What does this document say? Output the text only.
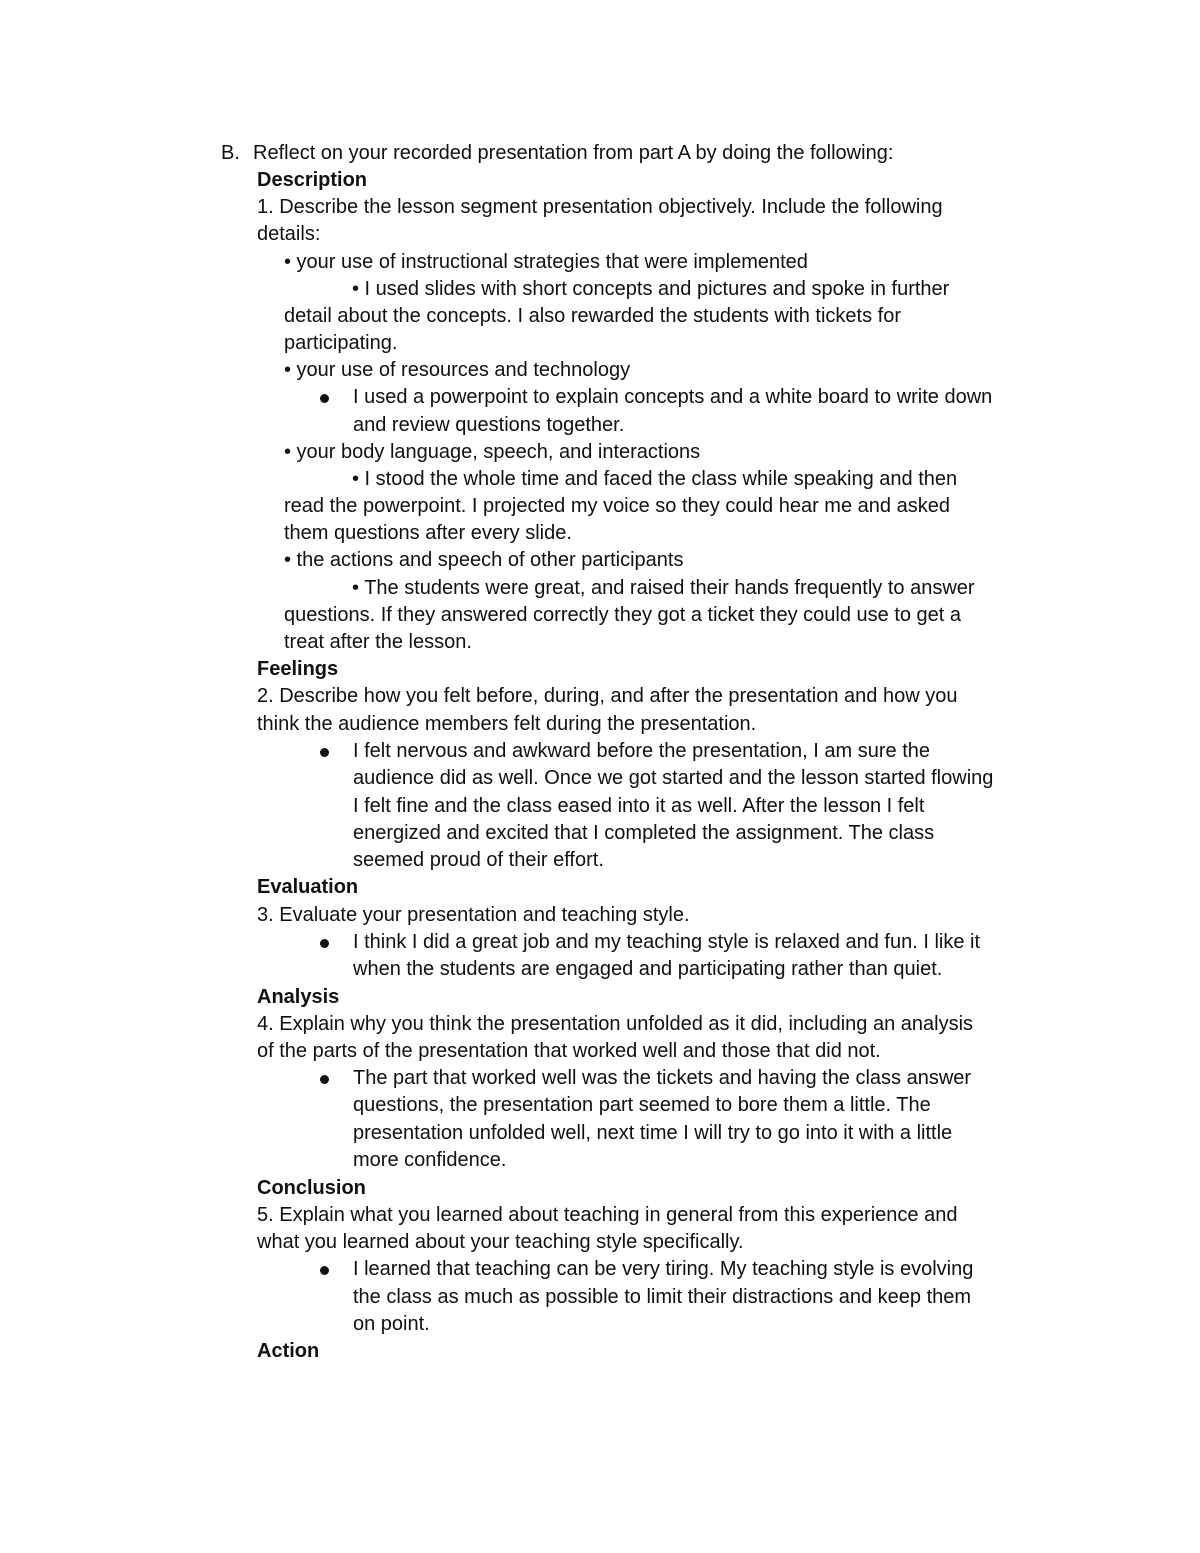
B. Reflect on your recorded presentation from part A by doing the following:
Description
1. Describe the lesson segment presentation objectively. Include the following
details:
• your use of instructional strategies that were implemented
• I used slides with short concepts and pictures and spoke in further
detail about the concepts. I also rewarded the students with tickets for
participating.
• your use of resources and technology
I used a powerpoint to explain concepts and a white board to write down
and review questions together.
• your body language, speech, and interactions
• I stood the whole time and faced the class while speaking and then
read the powerpoint. I projected my voice so they could hear me and asked
them questions after every slide.
• the actions and speech of other participants
• The students were great, and raised their hands frequently to answer
questions. If they answered correctly they got a ticket they could use to get a
treat after the lesson.
Feelings
2. Describe how you felt before, during, and after the presentation and how you
think the audience members felt during the presentation.
I felt nervous and awkward before the presentation, I am sure the
audience did as well. Once we got started and the lesson started flowing
I felt fine and the class eased into it as well. After the lesson I felt
energized and excited that I completed the assignment. The class
seemed proud of their effort.
Evaluation
3. Evaluate your presentation and teaching style.
I think I did a great job and my teaching style is relaxed and fun. I like it
when the students are engaged and participating rather than quiet.
Analysis
4. Explain why you think the presentation unfolded as it did, including an analysis
of the parts of the presentation that worked well and those that did not.
The part that worked well was the tickets and having the class answer
questions, the presentation part seemed to bore them a little. The
presentation unfolded well, next time I will try to go into it with a little
more confidence.
Conclusion
5. Explain what you learned about teaching in general from this experience and
what you learned about your teaching style specifically.
I learned that teaching can be very tiring. My teaching style is evolving
the class as much as possible to limit their distractions and keep them
on point.
Action
